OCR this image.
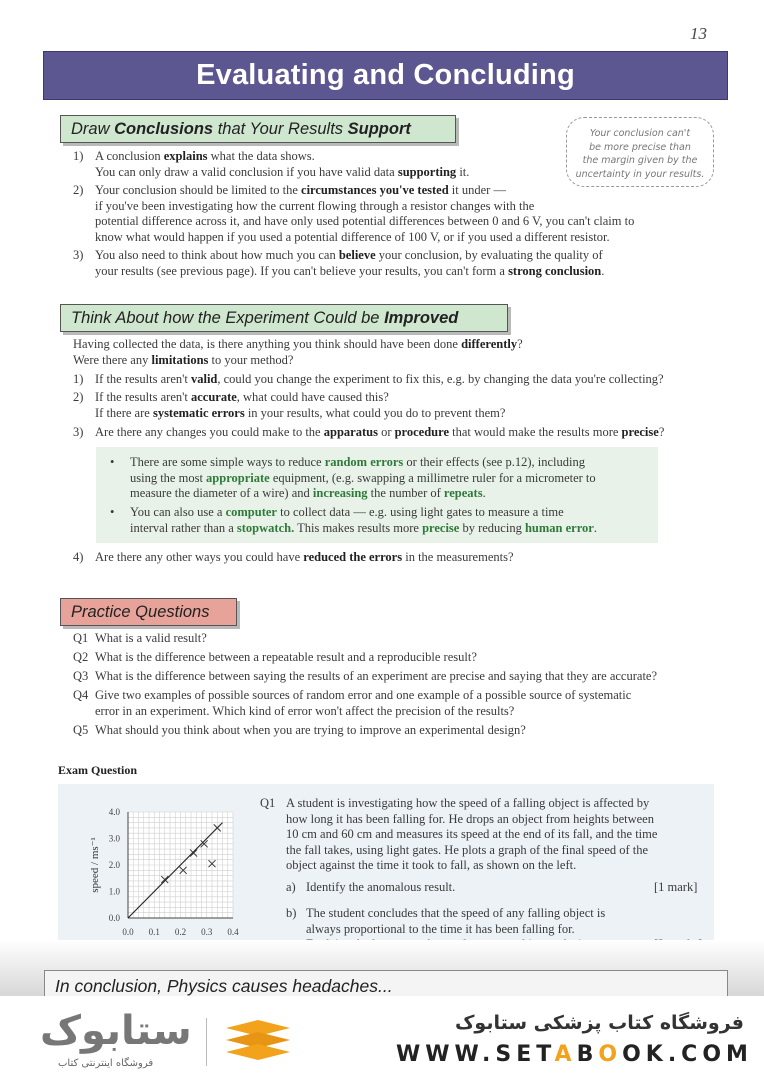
13
Evaluating and Concluding
Draw Conclusions that Your Results Support	Your conclusion can't
be more precise than
the margin given by the
uncertainty in your results.
1) A conclusion explains what the data shows.
You can only draw a valid conclusion if you have valid data supporting it.
2) Your conclusion should be limited to the circumstances you've tested it under —
if you've been investigating how the current flowing through a resistor changes with the
potential difference across it, and have only used potential differences between 0 and 6 V, you can't claim to
know what would happen if you used a potential difference of 100 V, or if you used a different resistor.
3) You also need to think about how much you can believe your conclusion, by evaluating the quality of
your results (see previous page). If you can't believe your results, you can't form a strong conclusion.
Think About how the Experiment Could be Improved
Having collected the data, is there anything you think should have been done differently?
Were there any limitations to your method?
1) If the results aren't valid, could you change the experiment to fix this, e.g. by changing the data you're collecting?
2) If the results aren't accurate, what could have caused this?
If there are systematic errors in your results, what could you do to prevent them?
3) Are there any changes you could make to the apparatus or procedure that would make the results more precise?
• There are some simple ways to reduce random errors or their effects (see p.12), including
using the most appropriate equipment, (e.g. swapping a millimetre ruler for a micrometer to
measure the diameter of a wire) and increasing the number of repeats.
• You can also use a computer to collect data — e.g. using light gates to measure a time
interval rather than a stopwatch. This makes results more precise by reducing human error.
4) Are there any other ways you could have reduced the errors in the measurements?
Practice Questions
Q1 What is a valid result?
Q2 What is the difference between a repeatable result and a reproducible result?
Q3 What is the difference between saying the results of an experiment are precise and saying that they are accurate?
Q4 Give two examples of possible sources of random error and one example of a possible source of systematic
error in an experiment. Which kind of error won't affect the precision of the results?
Q5 What should you think about when you are trying to improve an experimental design?
Exam Question
0.0
1.0
2.0
3.0
4.0
0.0 0.1 0.2 0.3 0.4
speed / ms⁻¹
Q1 A student is investigating how the speed of a falling object is affected by
how long it has been falling for. He drops an object from heights between
10 cm and 60 cm and measures its speed at the end of its fall, and the time
the fall takes, using light gates. He plots a graph of the final speed of the
object against the time it took to fall, as shown on the left.
a) Identify the anomalous result.	[1 mark]
b) The student concludes that the speed of any falling object is
always proportional to the time it has been falling for.
In conclusion, Physics causes headaches...
ستابوک
فروشگاه اینترنتی کتاب
فروشگاه کتاب پزشکی ستابوک
WWW.SETABOOK.COM
